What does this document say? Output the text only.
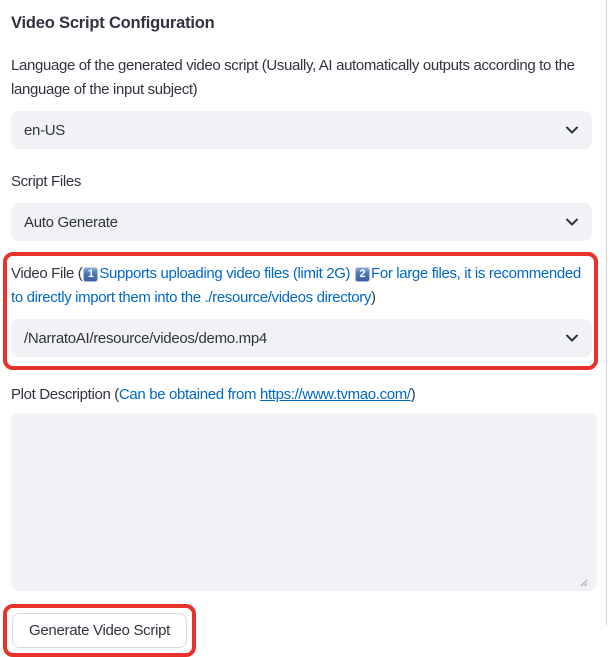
Video Script Configuration
Language of the generated video script (Usually, AI automatically outputs according to the language of the input subject)
en-US
Script Files
Auto Generate
Video File ( 1 Supports uploading video files (limit 2G) 2 For large files, it is recommended to directly import them into the ./resource/videos directory)
/NarratoAI/resource/videos/demo.mp4
Plot Description (Can be obtained from https://www.tvmao.com/)
Generate Video Script
